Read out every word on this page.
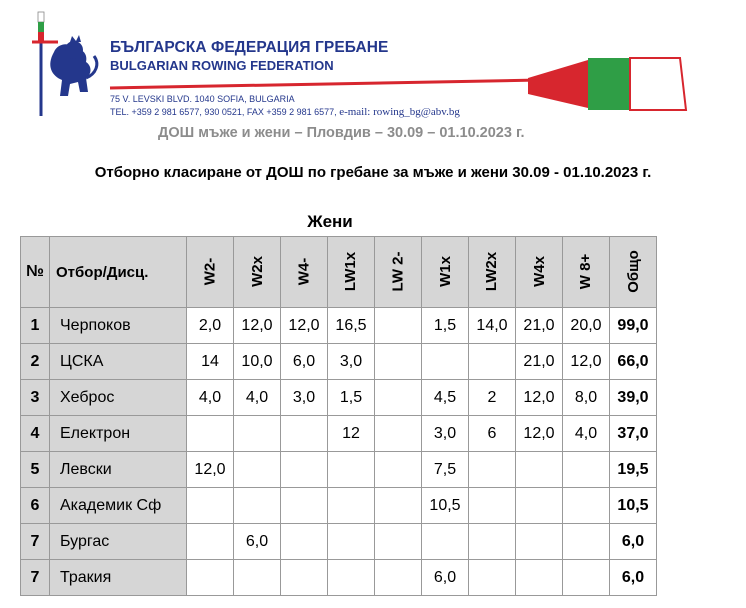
БЪЛГАРСКА ФЕДЕРАЦИЯ ГРЕБАНЕ
BULGARIAN ROWING FEDERATION
75 V. LEVSKI BLVD. 1040 SOFIA, BULGARIA
TEL. +359 2 981 6577, 930 0521, FAX +359 2 981 6577, e-mail: rowing_bg@abv.bg
ДОШ мъже и жени – Пловдив – 30.09 – 01.10.2023 г.
Отборно класиране от ДОШ по гребане за мъже и жени 30.09 - 01.10.2023 г.
Жени
№	Отбор/Дисц.	W2-	W2x	W4-	LW1x	LW 2-	W1x	LW2x	W4x	W 8+	Общо
1	Черпоков	2,0	12,0	12,0	16,5		1,5	14,0	21,0	20,0	99,0
2	ЦСКА	14	10,0	6,0	3,0				21,0	12,0	66,0
3	Хеброс	4,0	4,0	3,0	1,5		4,5	2	12,0	8,0	39,0
4	Електрон				12		3,0	6	12,0	4,0	37,0
5	Левски	12,0					7,5				19,5
6	Академик Сф						10,5				10,5
7	Бургас		6,0								6,0
7	Тракия						6,0				6,0
